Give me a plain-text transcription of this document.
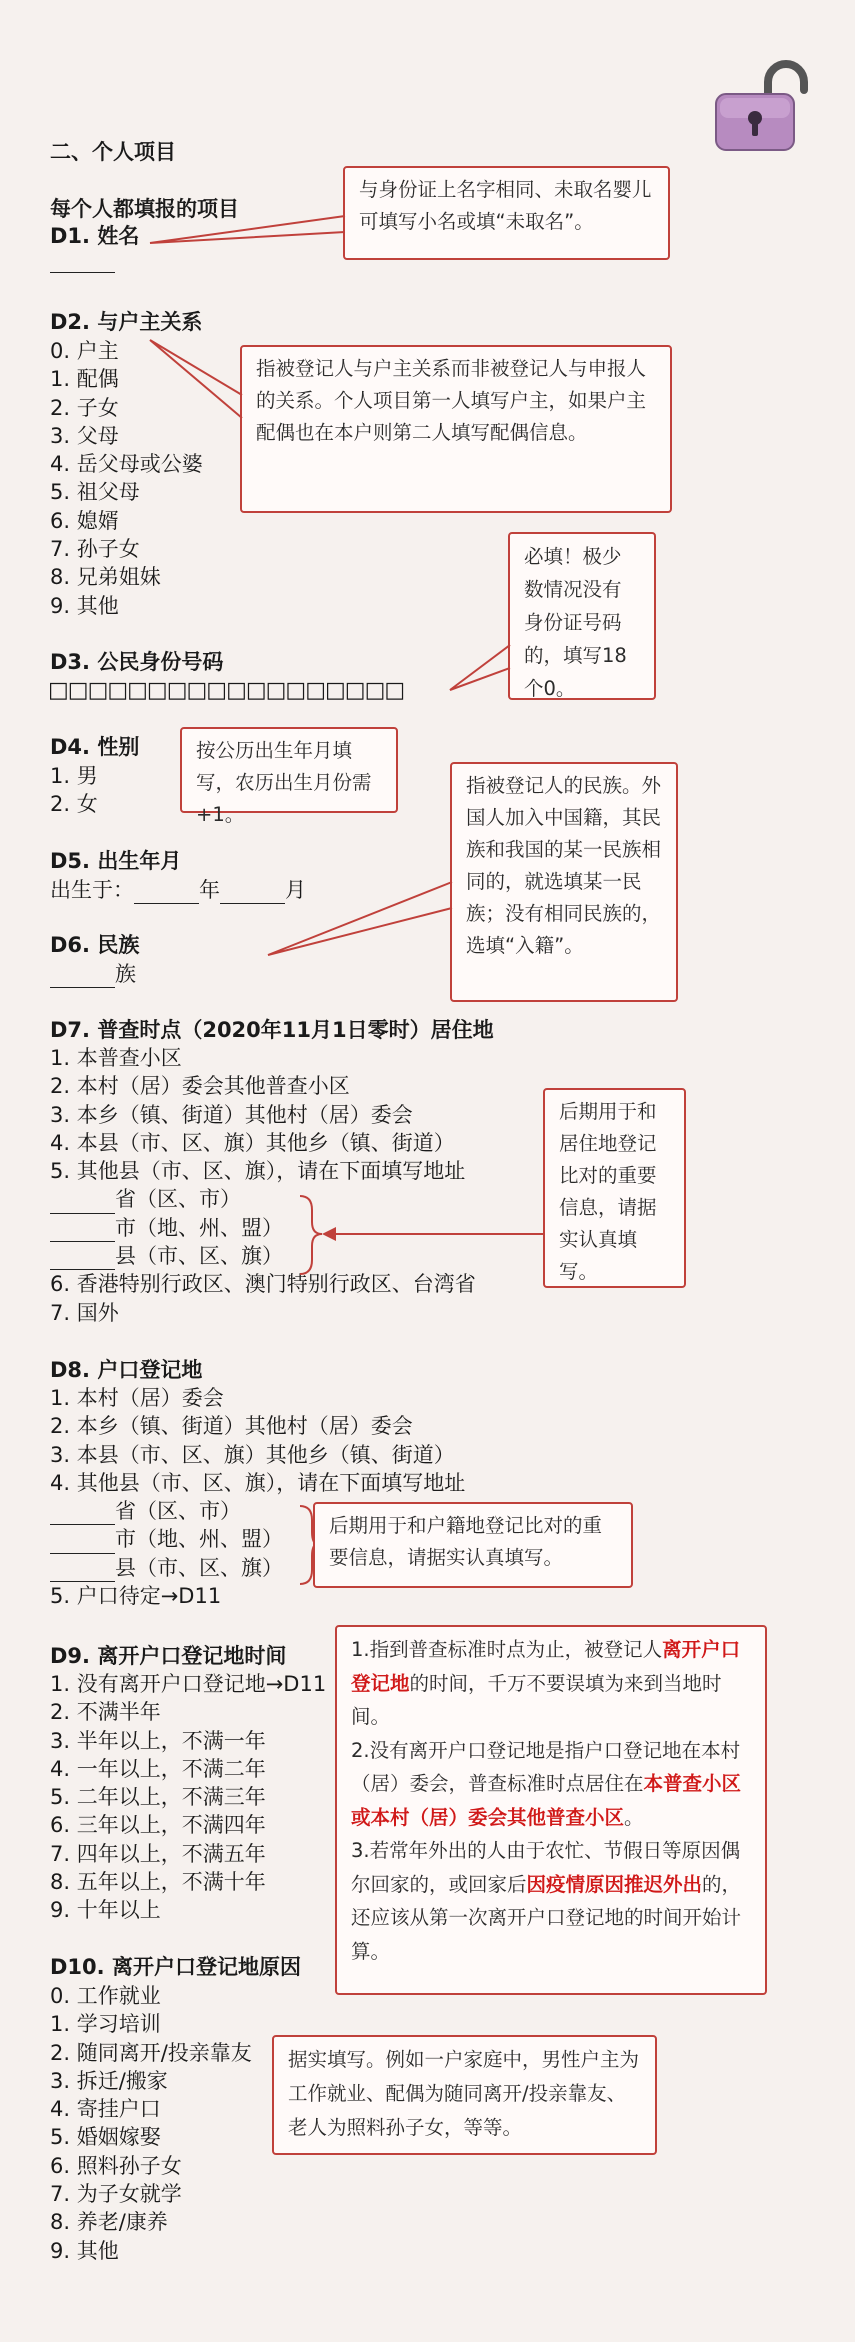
二、个人项目
每个人都填报的项目
D1. 姓名
与身份证上名字相同、未取名婴儿可填写小名或填“未取名”。
D2. 与户主关系
0. 户主
1. 配偶
2. 子女
3. 父母
4. 岳父母或公婆
5. 祖父母
6. 媳婿
7. 孙子女
8. 兄弟姐妹
9. 其他
指被登记人与户主关系而非被登记人与申报人的关系。个人项目第一人填写户主，如果户主配偶也在本户则第二人填写配偶信息。
D3. 公民身份号码
□□□□□□□□□□□□□□□□□□
必填！极少数情况没有身份证号码的，填写18个0。
D4. 性别
1. 男
2. 女
按公历出生年月填写，农历出生月份需+1。
D5. 出生年月
出生于：	年	月
D6. 民族
族
指被登记人的民族。外国人加入中国籍，其民族和我国的某一民族相同的，就选填某一民族；没有相同民族的，选填“入籍”。
D7. 普查时点（2020年11月1日零时）居住地
1. 本普查小区
2. 本村（居）委会其他普查小区
3. 本乡（镇、街道）其他村（居）委会
4. 本县（市、区、旗）其他乡（镇、街道）
5. 其他县（市、区、旗），请在下面填写地址
省（区、市）
市（地、州、盟）
县（市、区、旗）
6. 香港特别行政区、澳门特别行政区、台湾省
7. 国外
后期用于和居住地登记比对的重要信息，请据实认真填写。
D8. 户口登记地
1. 本村（居）委会
2. 本乡（镇、街道）其他村（居）委会
3. 本县（市、区、旗）其他乡（镇、街道）
4. 其他县（市、区、旗），请在下面填写地址
省（区、市）
市（地、州、盟）
县（市、区、旗）
5. 户口待定→D11
后期用于和户籍地登记比对的重要信息，请据实认真填写。
D9. 离开户口登记地时间
1. 没有离开户口登记地→D11
2. 不满半年
3. 半年以上，不满一年
4. 一年以上，不满二年
5. 二年以上，不满三年
6. 三年以上，不满四年
7. 四年以上，不满五年
8. 五年以上，不满十年
9. 十年以上
1.指到普查标准时点为止，被登记人离开户口登记地的时间，千万不要误填为来到当地时间。
2.没有离开户口登记地是指户口登记地在本村（居）委会，普查标准时点居住在本普查小区或本村（居）委会其他普查小区。
3.若常年外出的人由于农忙、节假日等原因偶尔回家的，或回家后因疫情原因推迟外出的，还应该从第一次离开户口登记地的时间开始计算。
D10. 离开户口登记地原因
0. 工作就业
1. 学习培训
2. 随同离开/投亲靠友
3. 拆迁/搬家
4. 寄挂户口
5. 婚姻嫁娶
6. 照料孙子女
7. 为子女就学
8. 养老/康养
9. 其他
据实填写。例如一户家庭中，男性户主为工作就业、配偶为随同离开/投亲靠友、老人为照料孙子女，等等。
